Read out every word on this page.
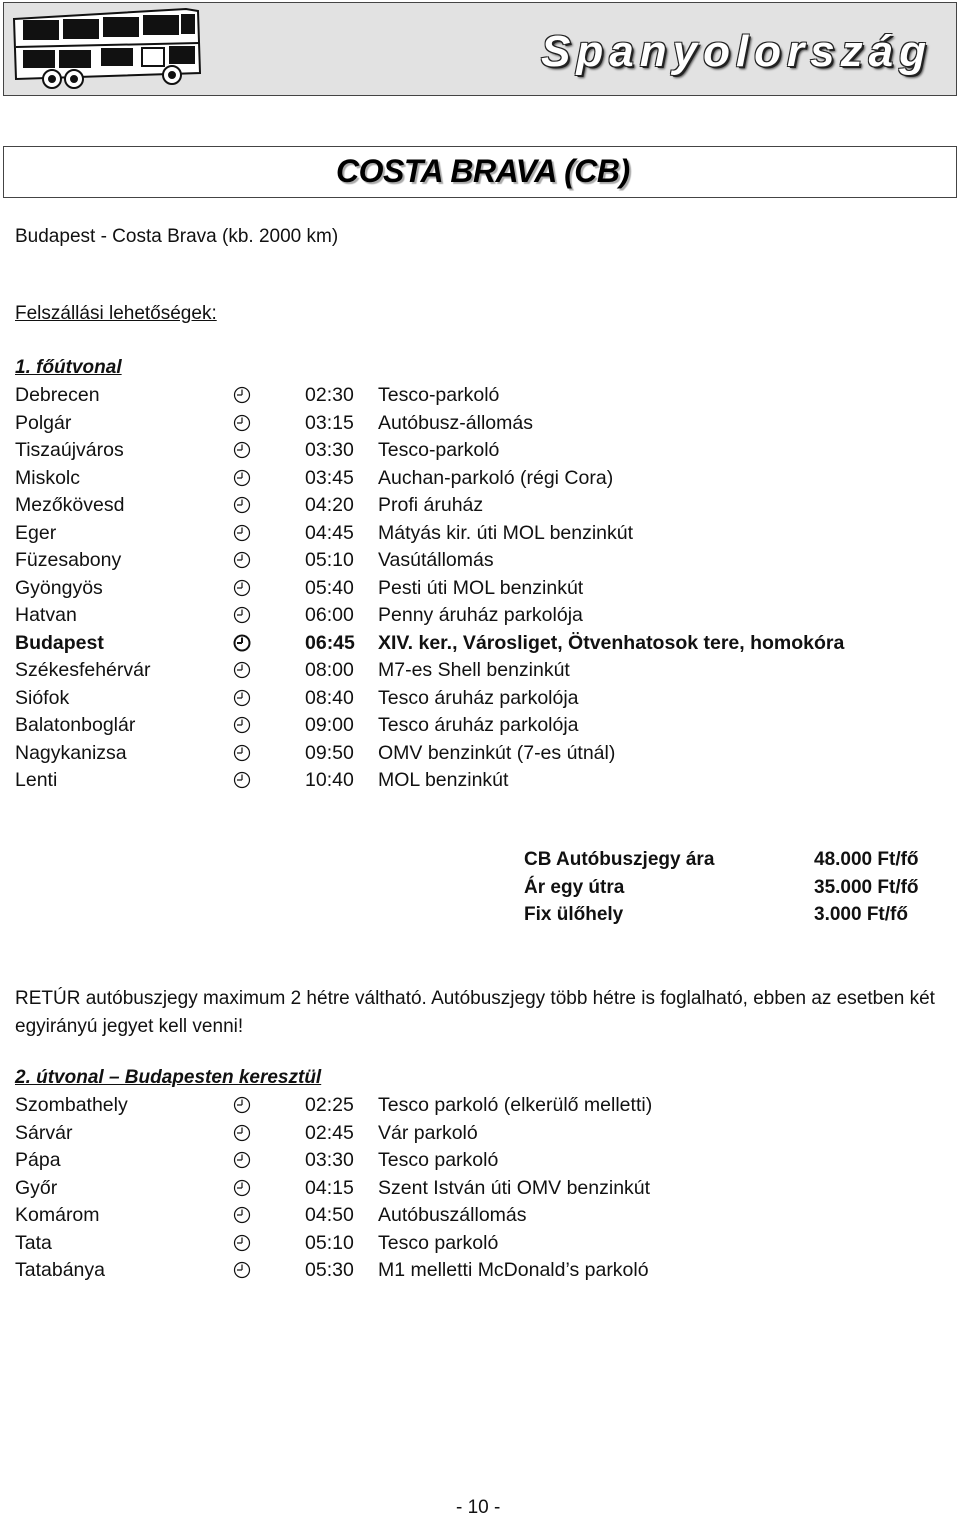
Spanyolország
COSTA BRAVA (CB)
Budapest - Costa Brava (kb. 2000 km)
Felszállási lehetőségek:
1. főútvonal
Debrecen	02:30 Tesco-parkoló
Polgár	03:15 Autóbusz-állomás
Tiszaújváros	03:30 Tesco-parkoló
Miskolc	03:45 Auchan-parkoló (régi Cora)
Mezőkövesd	04:20 Profi áruház
Eger	04:45 Mátyás kir. úti MOL benzinkút
Füzesabony	05:10 Vasútállomás
Gyöngyös	05:40 Pesti úti MOL benzinkút
Hatvan	06:00 Penny áruház parkolója
Budapest	06:45 XIV. ker., Városliget, Ötvenhatosok tere, homokóra
Székesfehérvár	08:00 M7-es Shell benzinkút
Siófok	08:40 Tesco áruház parkolója
Balatonboglár	09:00 Tesco áruház parkolója
Nagykanizsa	09:50 OMV benzinkút (7-es útnál)
Lenti	10:40 MOL benzinkút
CB Autóbuszjegy ára	48.000 Ft/fő
Ár egy útra	35.000 Ft/fő
Fix ülőhely	3.000 Ft/fő
RETÚR autóbuszjegy maximum 2 hétre váltható. Autóbuszjegy több hétre is foglalható, ebben az esetben két egyirányú jegyet kell venni!
2. útvonal – Budapesten keresztül
Szombathely	02:25 Tesco parkoló (elkerülő melletti)
Sárvár	02:45 Vár parkoló
Pápa	03:30 Tesco parkoló
Győr	04:15 Szent István úti OMV benzinkút
Komárom	04:50 Autóbuszállomás
Tata	05:10 Tesco parkoló
Tatabánya	05:30 M1 melletti McDonald’s parkoló
- 10 -
